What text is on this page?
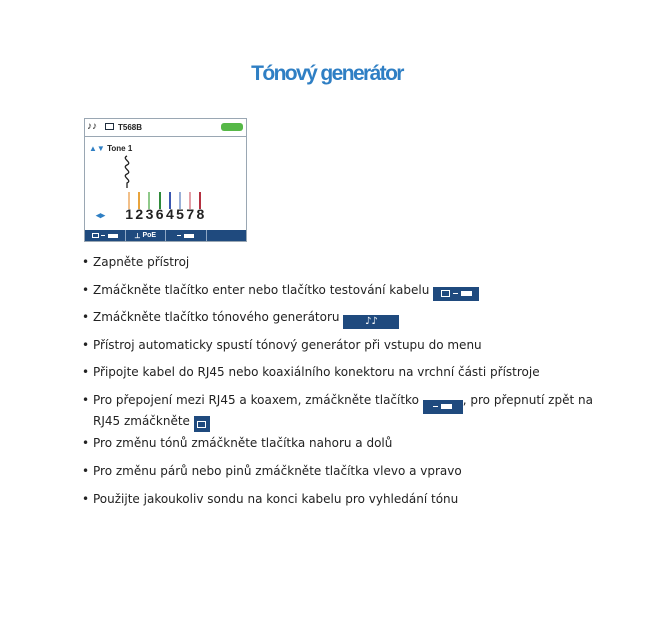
Tónový generátor
♪♪	T568B
▲▼ Tone 1
◂▸ 1 2 3 6 4 5 7 8
⊥ PoE
• Zapněte přístroj
• Zmáčkněte tlačítko enter nebo tlačítko testování kabelu
• Zmáčkněte tlačítko tónového generátoru	♪♪
• Přístroj automaticky spustí tónový generátor při vstupu do menu
• Připojte kabel do RJ45 nebo koaxiálního konektoru na vrchní části přístroje
• Pro přepojení mezi RJ45 a koaxem, zmáčkněte tlačítko	, pro přepnutí zpět na RJ45 zmáčkněte
• Pro změnu tónů zmáčkněte tlačítka nahoru a dolů
• Pro změnu párů nebo pinů zmáčkněte tlačítka vlevo a vpravo
• Použijte jakoukoliv sondu na konci kabelu pro vyhledání tónu
